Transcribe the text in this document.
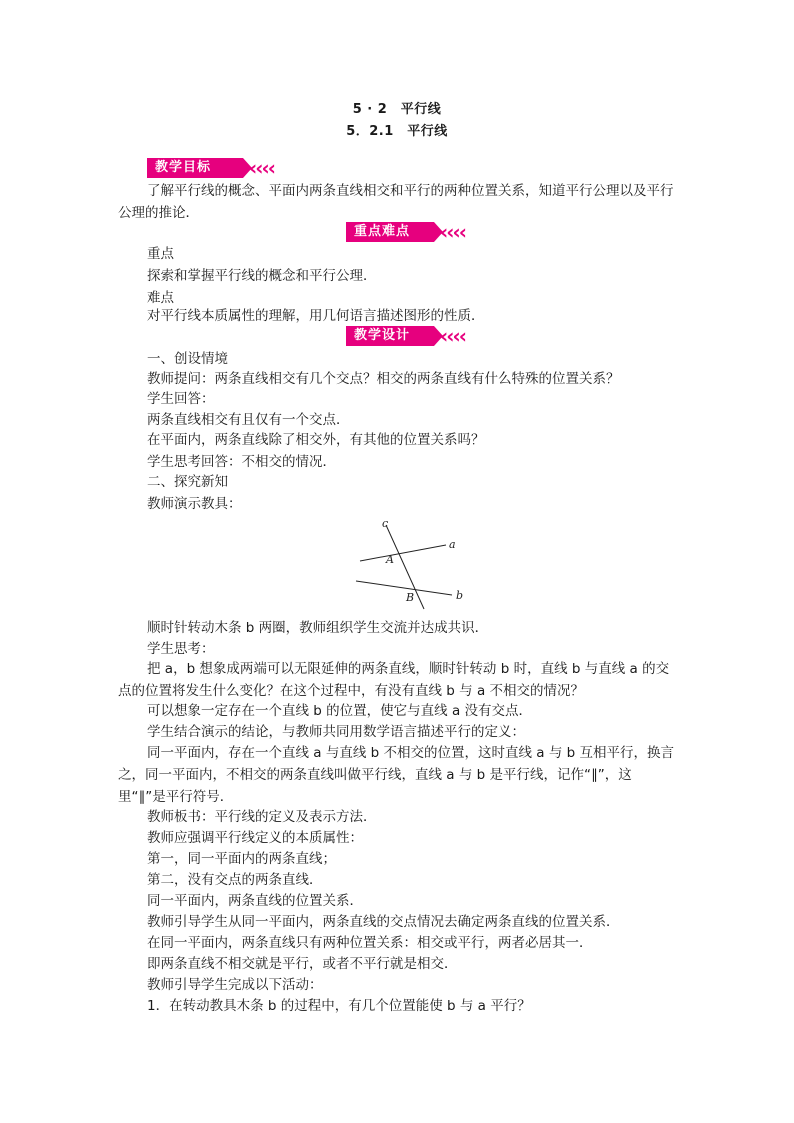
5 · 2　平行线
5．2.1　平行线
教学目标	‹‹‹‹
了解平行线的概念、平面内两条直线相交和平行的两种位置关系，知道平行公理以及平行公理的推论．
重点难点	‹‹‹‹
重点
探索和掌握平行线的概念和平行公理．
难点
对平行线本质属性的理解，用几何语言描述图形的性质．
教学设计	‹‹‹‹
一、创设情境
教师提问：两条直线相交有几个交点？相交的两条直线有什么特殊的位置关系？
学生回答：
两条直线相交有且仅有一个交点．
在平面内，两条直线除了相交外，有其他的位置关系吗？
学生思考回答：不相交的情况．
二、探究新知
教师演示教具：
c
a
A
B	b
顺时针转动木条 b 两圈，教师组织学生交流并达成共识．
学生思考：
把 a，b 想象成两端可以无限延伸的两条直线，顺时针转动 b 时，直线 b 与直线 a 的交点的位置将发生什么变化？在这个过程中，有没有直线 b 与 a 不相交的情况？
可以想象一定存在一个直线 b 的位置，使它与直线 a 没有交点．
学生结合演示的结论，与教师共同用数学语言描述平行的定义：
同一平面内，存在一个直线 a 与直线 b 不相交的位置，这时直线 a 与 b 互相平行，换言之，同一平面内，不相交的两条直线叫做平行线，直线 a 与 b 是平行线，记作“∥”，这里“∥”是平行符号．
教师板书：平行线的定义及表示方法．
教师应强调平行线定义的本质属性：
第一，同一平面内的两条直线；
第二，没有交点的两条直线．
同一平面内，两条直线的位置关系．
教师引导学生从同一平面内，两条直线的交点情况去确定两条直线的位置关系．
在同一平面内，两条直线只有两种位置关系：相交或平行，两者必居其一．
即两条直线不相交就是平行，或者不平行就是相交．
教师引导学生完成以下活动：
1．在转动教具木条 b 的过程中，有几个位置能使 b 与 a 平行？
